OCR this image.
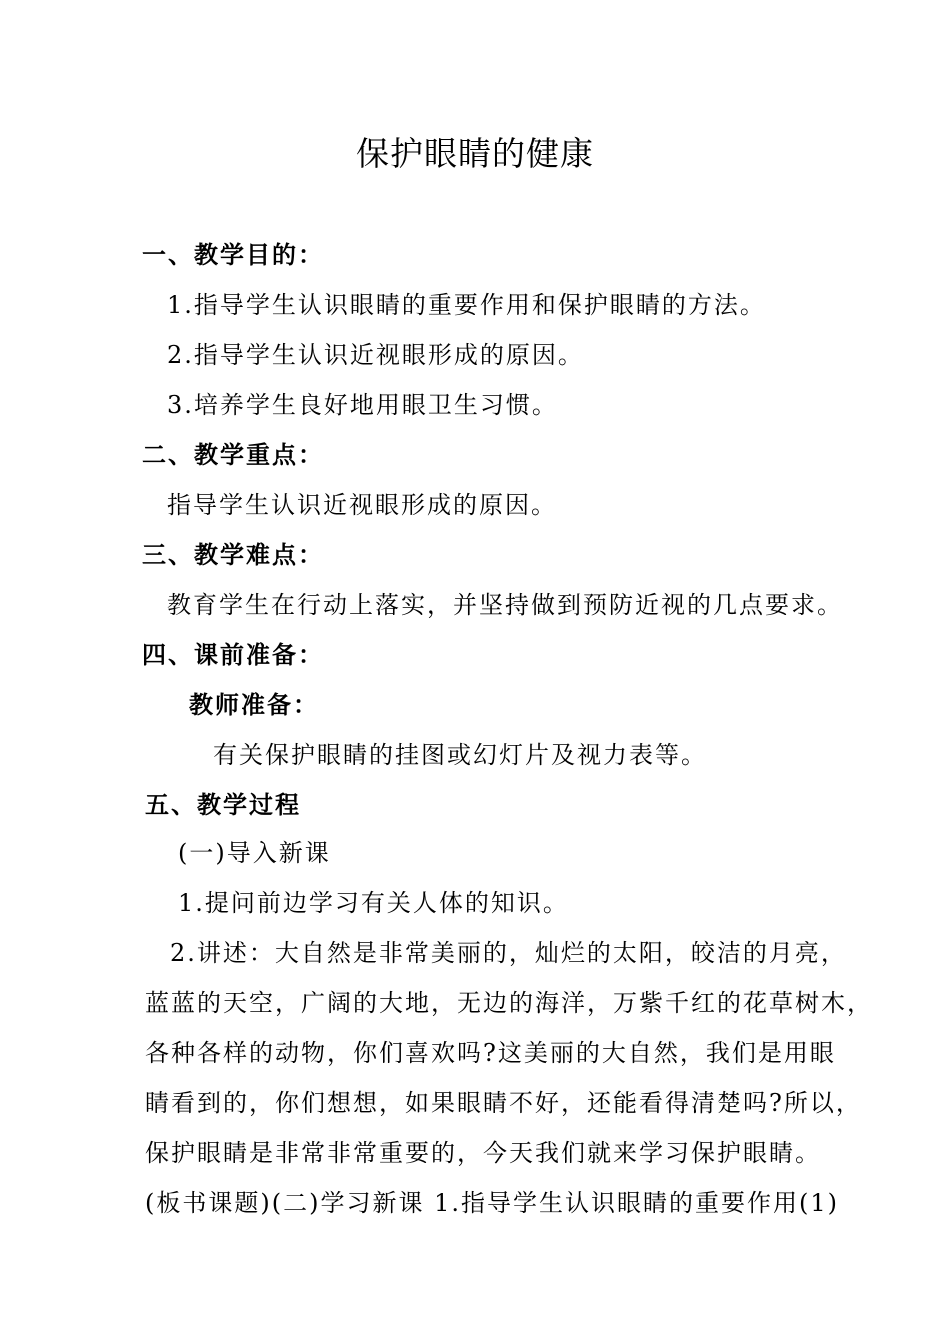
保护眼睛的健康
一、教学目的：
1.指导学生认识眼睛的重要作用和保护眼睛的方法。
2.指导学生认识近视眼形成的原因。
3.培养学生良好地用眼卫生习惯。
二、教学重点：
指导学生认识近视眼形成的原因。
三、教学难点：
教育学生在行动上落实，并坚持做到预防近视的几点要求。
四、课前准备：
教师准备：
有关保护眼睛的挂图或幻灯片及视力表等。
五、教学过程
(一)导入新课
1.提问前边学习有关人体的知识。
2.讲述：大自然是非常美丽的，灿烂的太阳，皎洁的月亮，
蓝蓝的天空，广阔的大地，无边的海洋，万紫千红的花草树木，
各种各样的动物，你们喜欢吗?这美丽的大自然，我们是用眼
睛看到的，你们想想，如果眼睛不好，还能看得清楚吗?所以，
保护眼睛是非常非常重要的，今天我们就来学习保护眼睛。
(板书课题)(二)学习新课 1.指导学生认识眼睛的重要作用(1)
